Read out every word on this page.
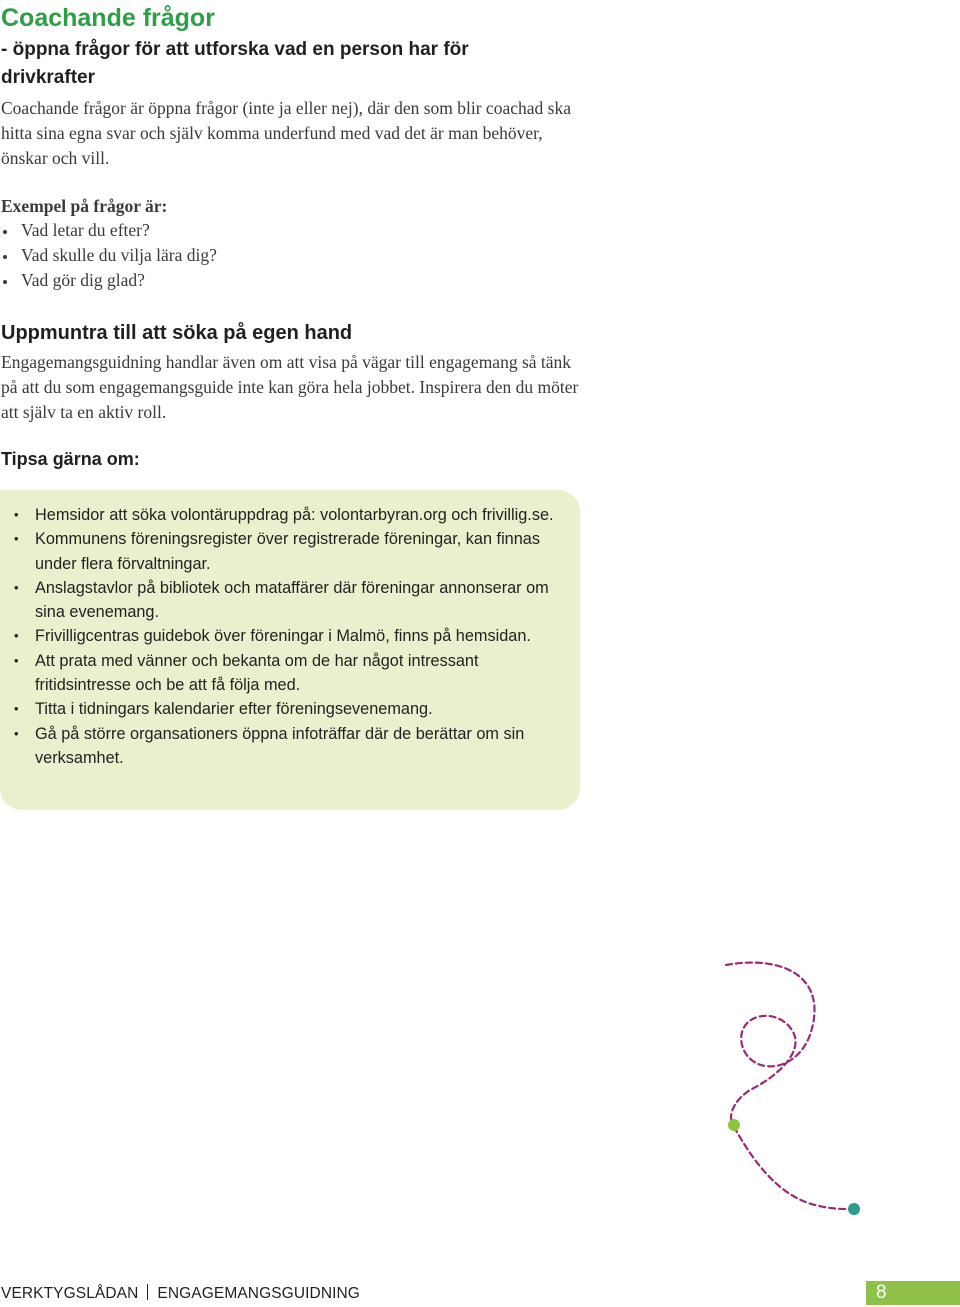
Coachande frågor

- öppna frågor för att utforska vad en person har för drivkrafter

Coachande frågor är öppna frågor (inte ja eller nej), där den som blir coachad ska hitta sina egna svar och själv komma underfund med vad det är man behöver, önskar och vill.

Exempel på frågor är:

Vad letar du efter?
Vad skulle du vilja lära dig?
Vad gör dig glad?
Uppmuntra till att söka på egen hand

Engagemangsguidning handlar även om att visa på vägar till engagemang så tänk på att du som engagemangsguide inte kan göra hela jobbet. Inspirera den du möter att själv ta en aktiv roll.

Tipsa gärna om:
• Hemsidor att söka volontäruppdrag på: volontarbyran.org och frivillig.se.
• Kommunens föreningsregister över registrerade föreningar, kan finnas under flera förvaltningar.
• Anslagstavlor på bibliotek och mataffärer där föreningar annonserar om sina evenemang.
• Frivilligcentras guidebok över föreningar i Malmö, finns på hemsidan.
• Att prata med vänner och bekanta om de har något intressant fritidsintresse och be att få följa med.
• Titta i tidningars kalendarier efter föreningsevenemang.
• Gå på större organsationers öppna infoträffar där de berättar om sin verksamhet.
VERKTYGSLÅDAN ENGAGEMANGSGUIDNING	8
